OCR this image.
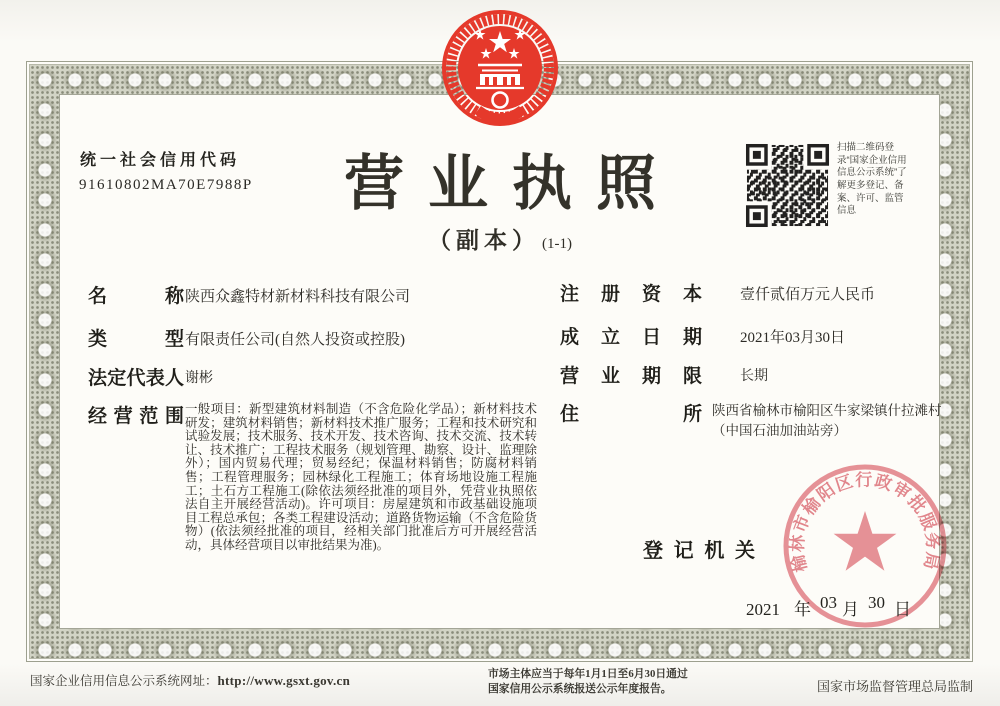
统一社会信用代码
91610802MA70E7988P	营业执照
（副本） (1-1)
扫描二维码登录“国家企业信用信息公示系统”了解更多登记、备案、许可、监管信息
名	称 陕西众鑫特材新材料科技有限公司
类	型 有限责任公司(自然人投资或控股)
法 定 代 表 人 谢彬
经 营 范 围 一般项目：新型建筑材料制造（不含危险化学品）；新材料技术研发；建筑材料销售；新材料技术推广服务；工程和技术研究和试验发展；技术服务、技术开发、技术咨询、技术交流、技术转让、技术推广；工程技术服务（规划管理、勘察、设计、监理除外）；国内贸易代理；贸易经纪；保温材料销售；防腐材料销售；工程管理服务；园林绿化工程施工；体育场地设施工程施工；土石方工程施工(除依法须经批准的项目外，凭营业执照依法自主开展经营活动)。许可项目：房屋建筑和市政基础设施项目工程总承包；各类工程建设活动；道路货物运输（不含危险货物）(依法须经批准的项目，经相关部门批准后方可开展经营活动，具体经营项目以审批结果为准)。
注 册 资 本	壹仟贰佰万元人民币
成 立 日 期	2021年03月30日
营 业 期 限	长期
住	所 陕西省榆林市榆阳区牛家梁镇什拉滩村（中国石油加油站旁）
登 记 机 关
榆林市榆阳区行政审批服务局
2021 年 03 月 30 日
国家企业信用信息公示系统网址：http://www.gsxt.gov.cn	市场主体应当于每年1月1日至6月30日通过
国家信用公示系统报送公示年度报告。	国家市场监督管理总局监制
